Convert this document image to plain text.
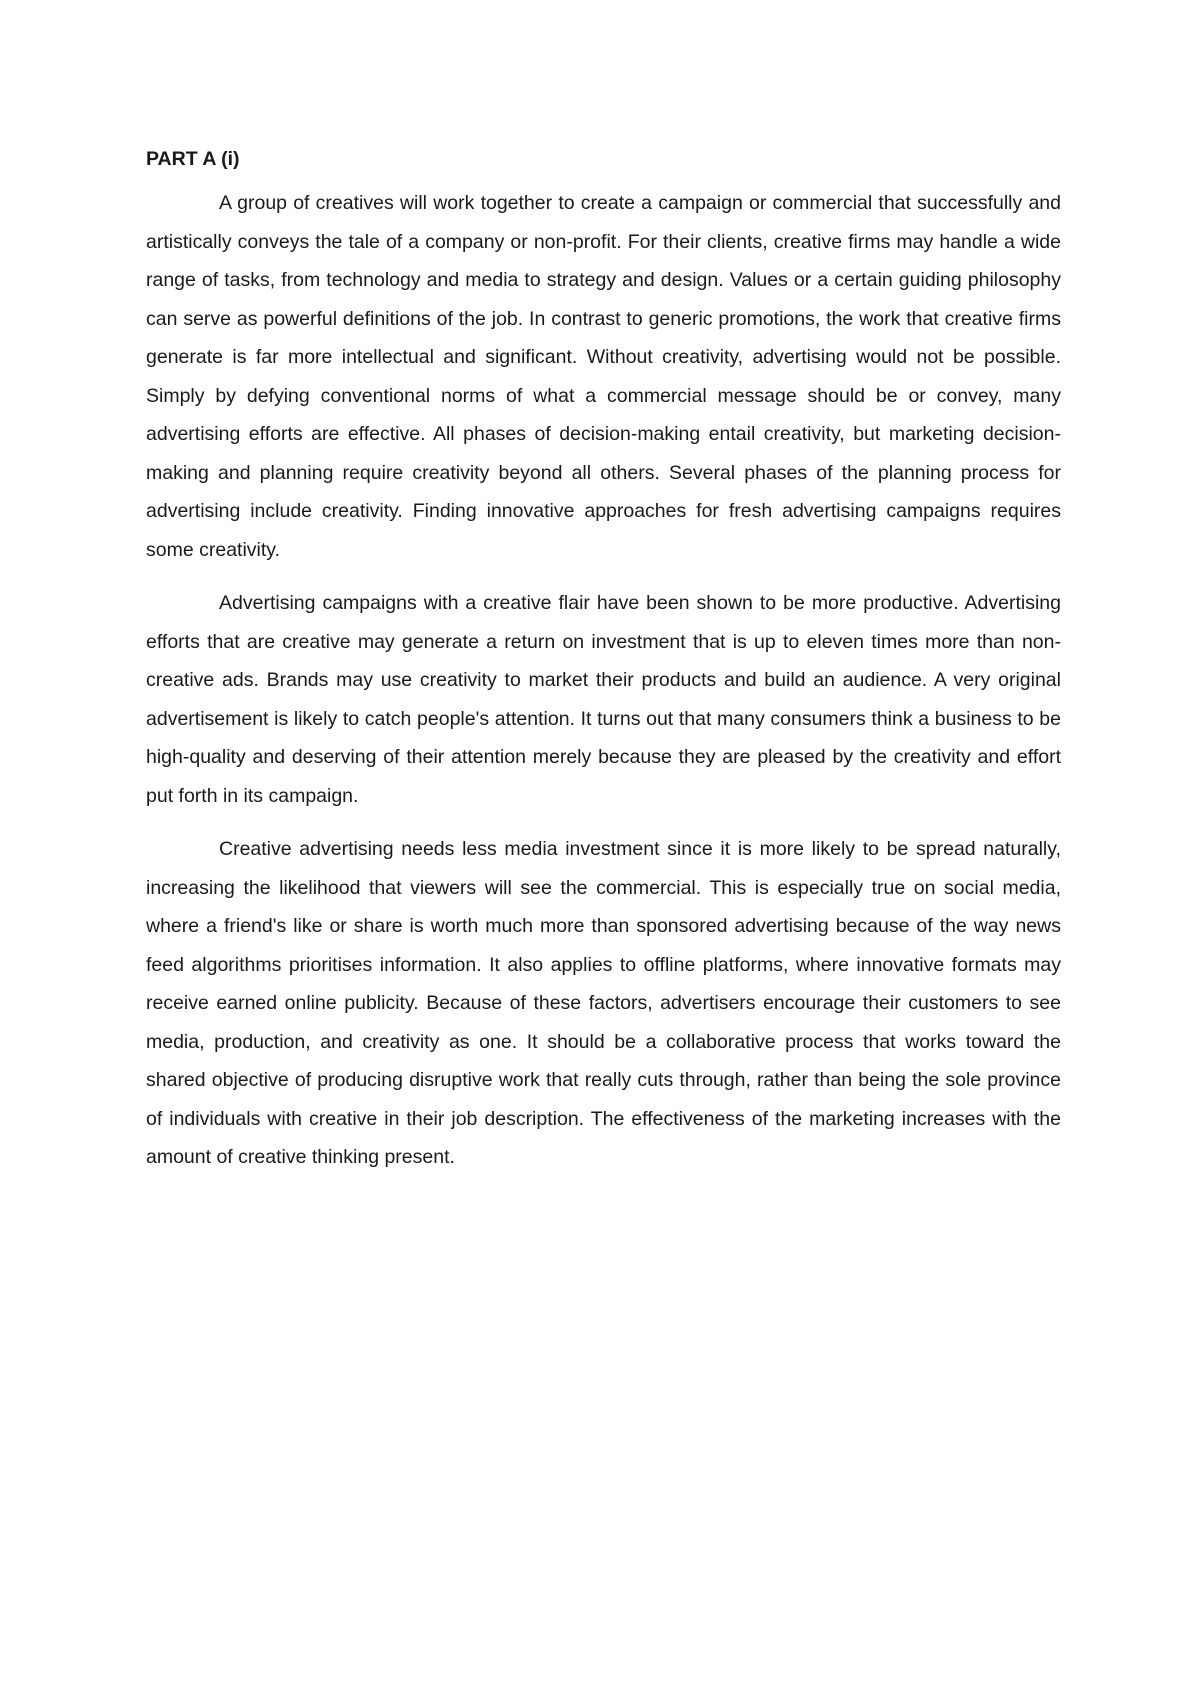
PART A (i)

A group of creatives will work together to create a campaign or commercial that successfully and artistically conveys the tale of a company or non-profit. For their clients, creative firms may handle a wide range of tasks, from technology and media to strategy and design. Values or a certain guiding philosophy can serve as powerful definitions of the job. In contrast to generic promotions, the work that creative firms generate is far more intellectual and significant. Without creativity, advertising would not be possible. Simply by defying conventional norms of what a commercial message should be or convey, many advertising efforts are effective. All phases of decision-making entail creativity, but marketing decision-making and planning require creativity beyond all others. Several phases of the planning process for advertising include creativity. Finding innovative approaches for fresh advertising campaigns requires some creativity.

Advertising campaigns with a creative flair have been shown to be more productive. Advertising efforts that are creative may generate a return on investment that is up to eleven times more than non-creative ads. Brands may use creativity to market their products and build an audience. A very original advertisement is likely to catch people's attention. It turns out that many consumers think a business to be high-quality and deserving of their attention merely because they are pleased by the creativity and effort put forth in its campaign.

Creative advertising needs less media investment since it is more likely to be spread naturally, increasing the likelihood that viewers will see the commercial. This is especially true on social media, where a friend's like or share is worth much more than sponsored advertising because of the way news feed algorithms prioritises information. It also applies to offline platforms, where innovative formats may receive earned online publicity. Because of these factors, advertisers encourage their customers to see media, production, and creativity as one. It should be a collaborative process that works toward the shared objective of producing disruptive work that really cuts through, rather than being the sole province of individuals with creative in their job description. The effectiveness of the marketing increases with the amount of creative thinking present.
